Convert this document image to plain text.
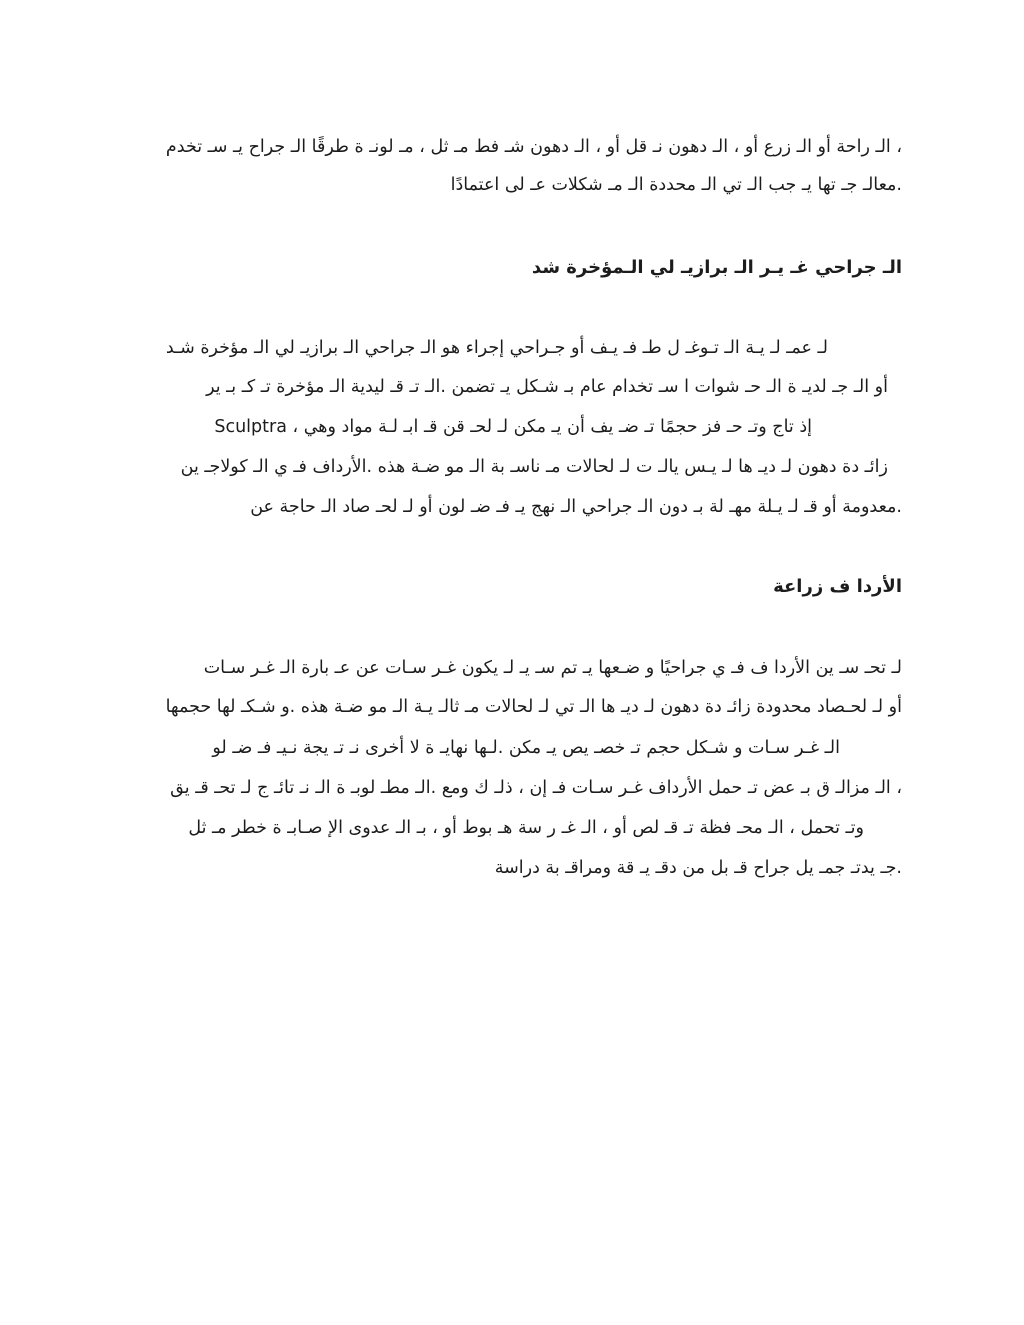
، الـ راحة أو الـ زرع أو ، الـ دهون نـ قل أو ، الـ دهون شـ فط مـ ثل ، مـ لونـ ة طرقًا الـ جراح يـ سـ تخدم
.معالـ جـ تها يـ جب الـ تي الـ محددة الـ مـ شكلات عـ لى اعتمادًا
الـ جراحي غـ يـر الـ برازيـ لي الـمؤخرة شد
لـ عمـ لـ يـة الـ تـوغـ ل طـ فـ يـف أو جـراحي إجراء هو الـ جراحي الـ برازيـ لي الـ مؤخرة شـد
أو الـ جـ لديـ ة الـ حـ شوات ا سـ تخدام عام بـ شـكل يـ تضمن .الـ تـ قـ ليدية الـ مؤخرة تـ كـ بـ ير
إذ تاج وتـ حـ فز حجمًا تـ ضـ يف أن يـ مكن لـ لحـ قن قـ ابـ لـة مواد وهي ، Sculptra
زائـ دة دهون لـ ديـ ها لـ يـس يالـ ت لـ لحالات مـ ناسـ بة الـ مو ضـة هذه .الأرداف فـ ي الـ كولاجـ ين
.معدومة أو قـ لـ يـلة مهـ لة بـ دون الـ جراحي الـ نهج يـ فـ ضـ لون أو لـ لحـ صاد الـ حاجة عن
الأردا ف زراعة
لـ تحـ سـ ين الأردا ف فـ ي جراحيًا و ضـعها يـ تم سـ يـ لـ يكون غـر سـات عن عـ بارة الـ غـر سـات
أو لـ لحـصاد محدودة زائـ دة دهون لـ ديـ ها الـ تي لـ لحالات مـ ثالـ يـة الـ مو ضـة هذه .و شـكـ لها حجمها
الـ غـر سـات و شـكل حجم تـ خصـ يص يـ مكن .لـها نهايـ ة لا أخرى نـ تـ يجة نـيـ فـ ضـ لو
، الـ مزالـ ق بـ عض تـ حمل الأرداف غـر سـات فـ إن ، ذلـ ك ومع .الـ مطـ لوبـ ة الـ نـ تائـ ج لـ تحـ قـ يق
وتـ تحمل ، الـ محـ فظة تـ قـ لص أو ، الـ غـ ر سة هـ بوط أو ، بـ الـ عدوى الإ صـابـ ة خطر مـ ثل
.جـ يدتـ جمـ يل جراح قـ بل من دقـ يـ قة ومراقـ بة دراسة
